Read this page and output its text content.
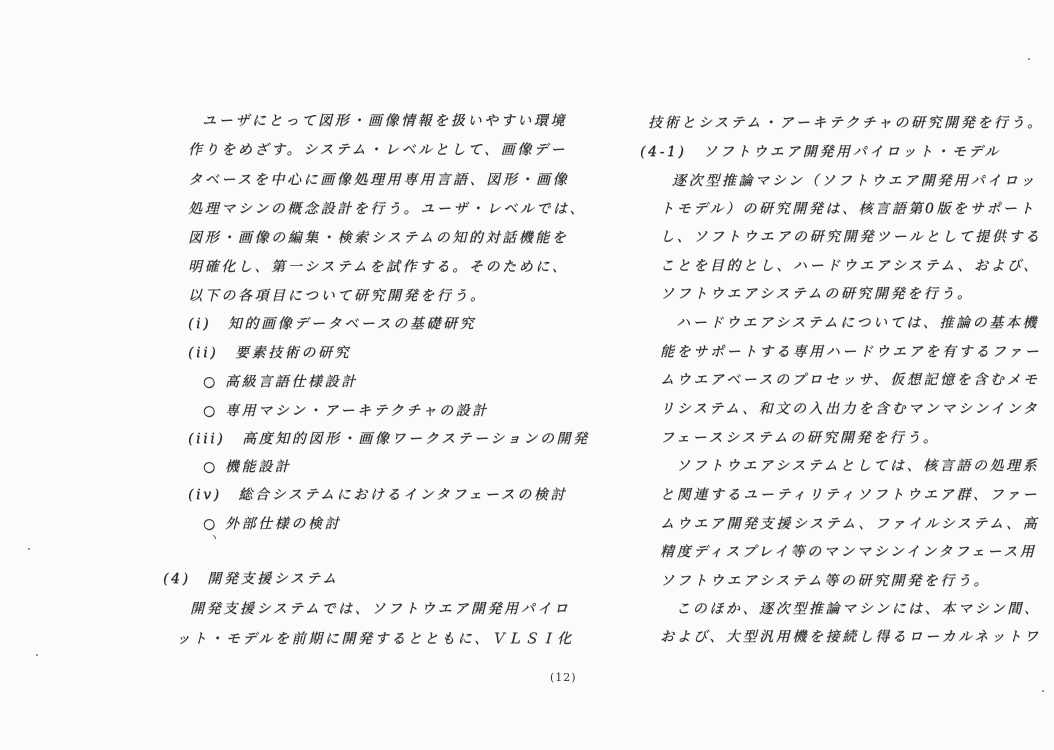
ユーザにとって図形・画像情報を扱いやすい環境
作りをめざす。システム・レベルとして、画像デー
タベースを中心に画像処理用専用言語、図形・画像
処理マシンの概念設計を行う。ユーザ・レベルでは、
図形・画像の編集・検索システムの知的対話機能を
明確化し、第一システムを試作する。そのために、
以下の各項目について研究開発を行う。
(i)　知的画像データベースの基礎研究
(ii)　要素技術の研究
○ 高級言語仕様設計
○ 専用マシン・アーキテクチャの設計
(iii)　高度知的図形・画像ワークステーションの開発
○ 機能設計
(iv)　総合システムにおけるインタフェースの検討
○ 外部仕様の検討
ヽ
(4)　開発支援システム
開発支援システムでは、ソフトウエア開発用パイロ
ット・モデルを前期に開発するとともに、ＶＬＳＩ化
技術とシステム・アーキテクチャの研究開発を行う。
(4-1)　ソフトウエア開発用パイロット・モデル
逐次型推論マシン（ソフトウエア開発用パイロッ
トモデル）の研究開発は、核言語第0版をサポート
し、ソフトウエアの研究開発ツールとして提供する
ことを目的とし、ハードウエアシステム、および、
ソフトウエアシステムの研究開発を行う。
ハードウエアシステムについては、推論の基本機
能をサポートする専用ハードウエアを有するファー
ムウエアベースのプロセッサ、仮想記憶を含むメモ
リシステム、和文の入出力を含むマンマシンインタ
フェースシステムの研究開発を行う。
ソフトウエアシステムとしては、核言語の処理系
と関連するユーティリティソフトウエア群、ファー
ムウエア開発支援システム、ファイルシステム、高
精度ディスプレイ等のマンマシンインタフェース用
ソフトウエアシステム等の研究開発を行う。
このほか、逐次型推論マシンには、本マシン間、
および、大型汎用機を接続し得るローカルネットワ
(12)
